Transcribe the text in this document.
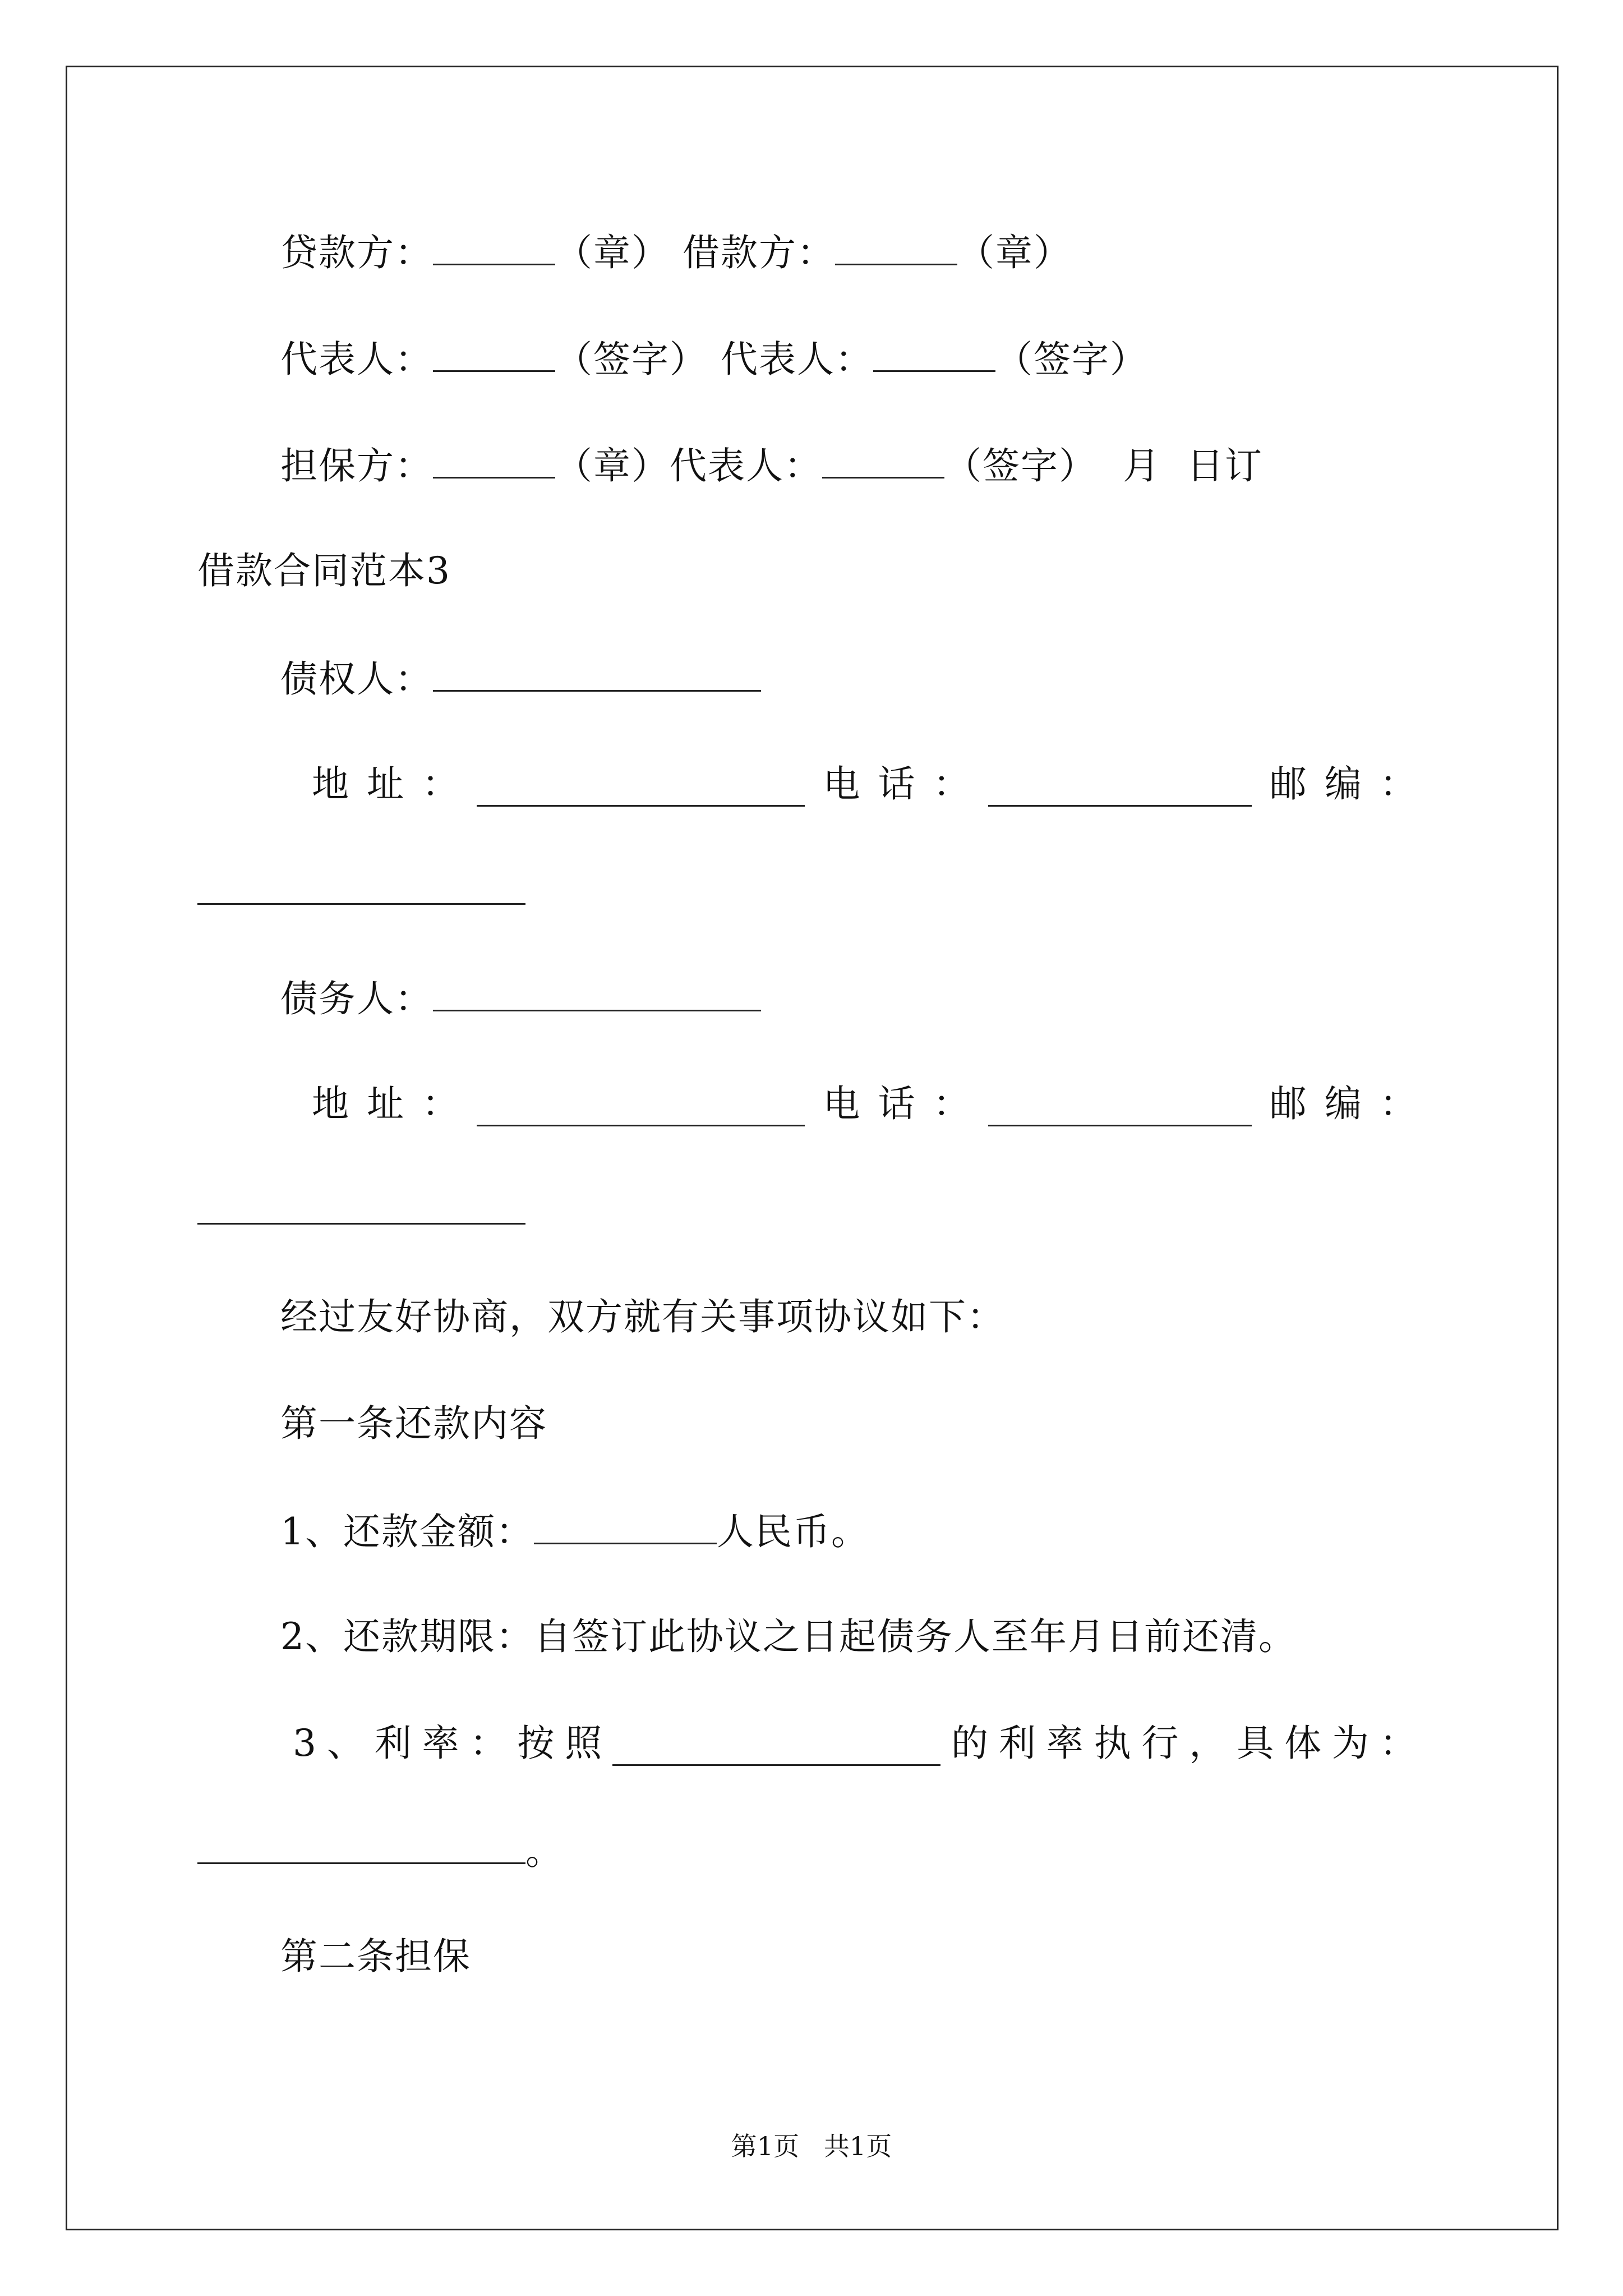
贷款方：	（章） 借款方：	（章）
代表人：	（签字） 代表人：	（签字）
担保方：	（章）代表人：	（签字） 月 日订
借款合同范本3
债权人：
地 址 ：	电 话 ：	邮 编 ：
债务人：
地 址 ：	电 话 ：	邮 编 ：
经过友好协商，双方就有关事项协议如下：
第一条还款内容
1、还款金额：	人民币。
2、还款期限：自签订此协议之日起债务人至年月日前还清。
3 、 利 率 ： 按 照	的 利 率 执 行 ， 具 体 为 ：
。
第二条担保
第1页   共1页
